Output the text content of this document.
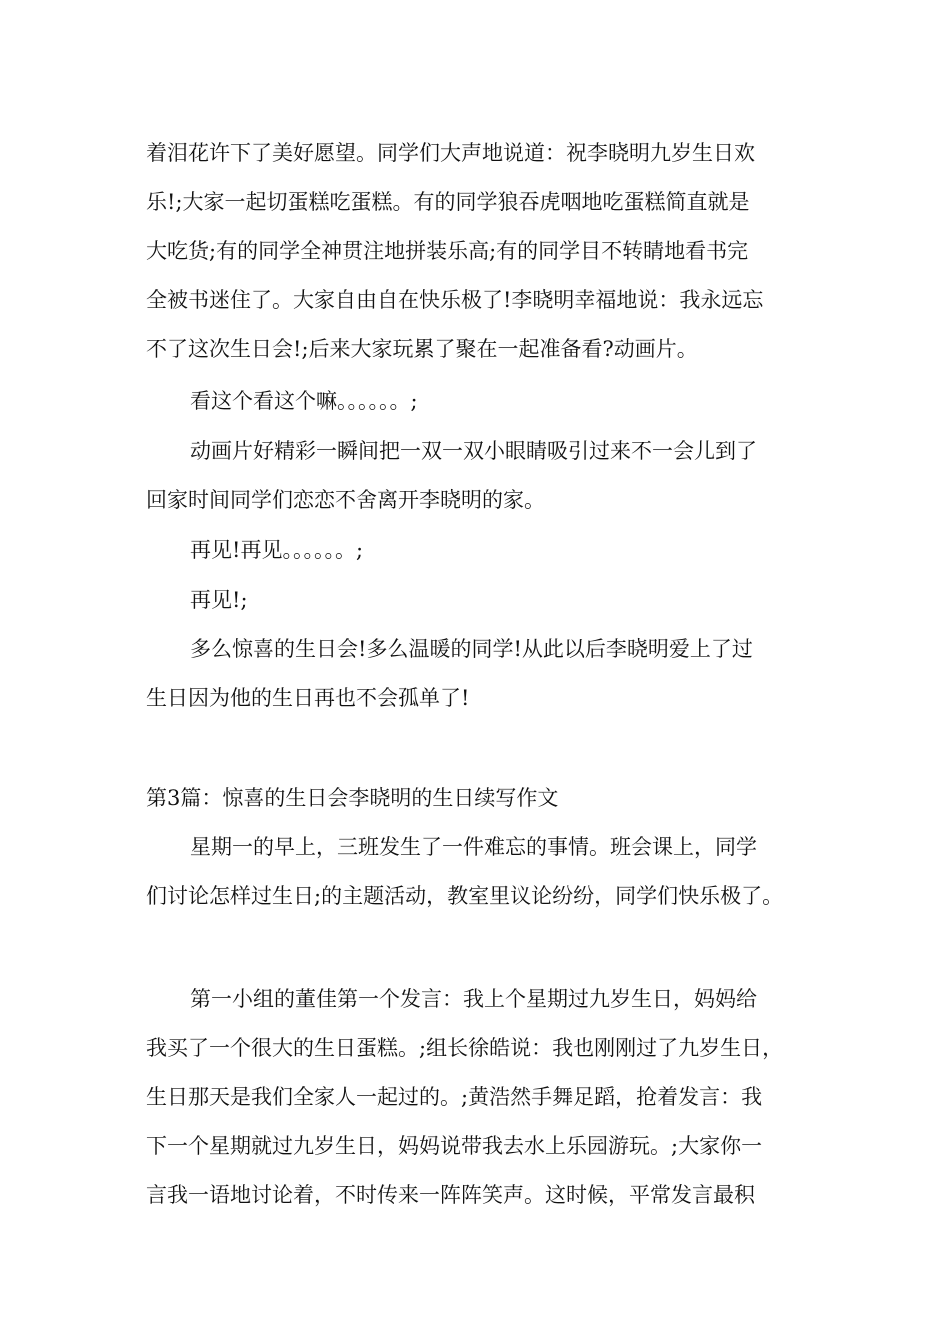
着泪花许下了美好愿望。同学们大声地说道：祝李晓明九岁生日欢
乐!;大家一起切蛋糕吃蛋糕。有的同学狼吞虎咽地吃蛋糕简直就是
大吃货;有的同学全神贯注地拼装乐高;有的同学目不转睛地看书完
全被书迷住了。大家自由自在快乐极了!李晓明幸福地说：我永远忘
不了这次生日会!;后来大家玩累了聚在一起准备看?动画片。
看这个看这个嘛。。。。。。;
动画片好精彩一瞬间把一双一双小眼睛吸引过来不一会儿到了
回家时间同学们恋恋不舍离开李晓明的家。
再见!再见。。。。。。;
再见!;
多么惊喜的生日会!多么温暖的同学!从此以后李晓明爱上了过
生日因为他的生日再也不会孤单了!
第3篇：惊喜的生日会李晓明的生日续写作文
星期一的早上，三班发生了一件难忘的事情。班会课上，同学
们讨论怎样过生日;的主题活动，教室里议论纷纷，同学们快乐极了。
第一小组的董佳第一个发言：我上个星期过九岁生日，妈妈给
我买了一个很大的生日蛋糕。;组长徐皓说：我也刚刚过了九岁生日，
生日那天是我们全家人一起过的。;黄浩然手舞足蹈，抢着发言：我
下一个星期就过九岁生日，妈妈说带我去水上乐园游玩。;大家你一
言我一语地讨论着，不时传来一阵阵笑声。这时候，平常发言最积
